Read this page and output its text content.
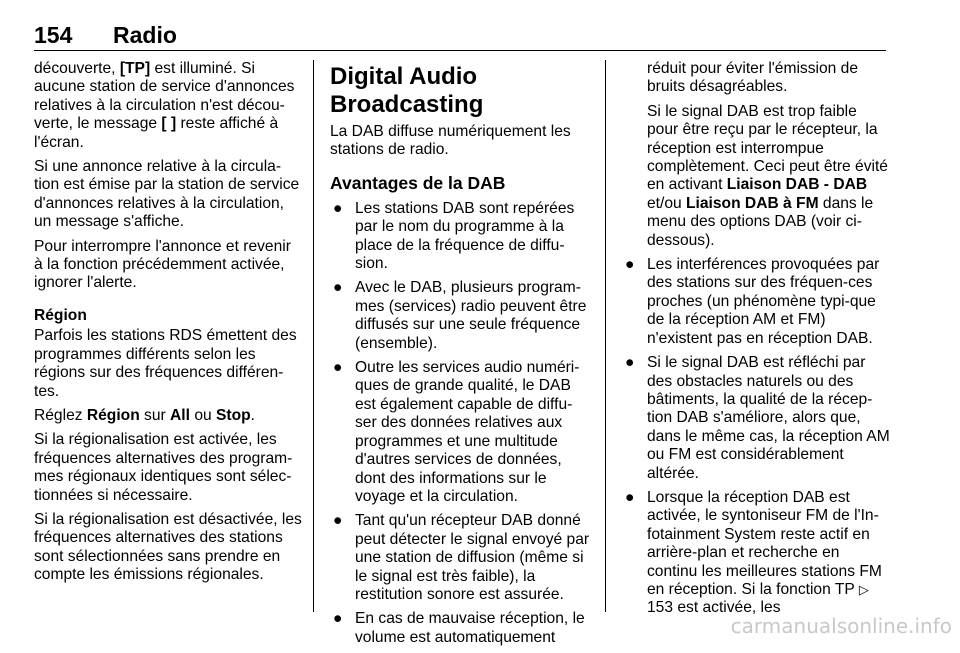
154 Radio

découverte, [TP] est illuminé. Si aucune station de service d'annonces relatives à la circulation n'est décou-verte, le message [ ] reste affiché à l'écran.

Si une annonce relative à la circula-tion est émise par la station de service d'annonces relatives à la circulation, un message s'affiche.

Pour interrompre l'annonce et revenir à la fonction précédemment activée, ignorer l'alerte.

Région

Parfois les stations RDS émettent des programmes différents selon les régions sur des fréquences différen-tes.

Réglez Région sur All ou Stop.

Si la régionalisation est activée, les fréquences alternatives des program-mes régionaux identiques sont sélec-tionnées si nécessaire.

Si la régionalisation est désactivée, les fréquences alternatives des stations sont sélectionnées sans prendre en compte les émissions régionales.

Digital Audio Broadcasting

La DAB diffuse numériquement les stations de radio.

Avantages de la DAB
● Les stations DAB sont repérées par le nom du programme à la place de la fréquence de diffu-sion.
● Avec le DAB, plusieurs program-mes (services) radio peuvent être diffusés sur une seule fréquence (ensemble).
● Outre les services audio numéri-ques de grande qualité, le DAB est également capable de diffu-ser des données relatives aux programmes et une multitude d'autres services de données, dont des informations sur le voyage et la circulation.
● Tant qu'un récepteur DAB donné peut détecter le signal envoyé par une station de diffusion (même si le signal est très faible), la restitution sonore est assurée.
● En cas de mauvaise réception, le volume est automatiquement

réduit pour éviter l'émission de bruits désagréables.

Si le signal DAB est trop faible pour être reçu par le récepteur, la réception est interrompue complètement. Ceci peut être évité en activant Liaison DAB - DAB et/ou Liaison DAB à FM dans le menu des options DAB (voir ci-dessous).

● Les interférences provoquées par des stations sur des fréquen-ces proches (un phénomène typi-que de la réception AM et FM) n'existent pas en réception DAB.
● Si le signal DAB est réfléchi par des obstacles naturels ou des bâtiments, la qualité de la récep-tion DAB s'améliore, alors que, dans le même cas, la réception AM ou FM est considérablement altérée.
● Lorsque la réception DAB est activée, le syntoniseur FM de l'In-fotainment System reste actif en arrière-plan et recherche en continu les meilleures stations FM en réception. Si la fonction TP ▷ 153 est activée, les
carmanualsonline.info
